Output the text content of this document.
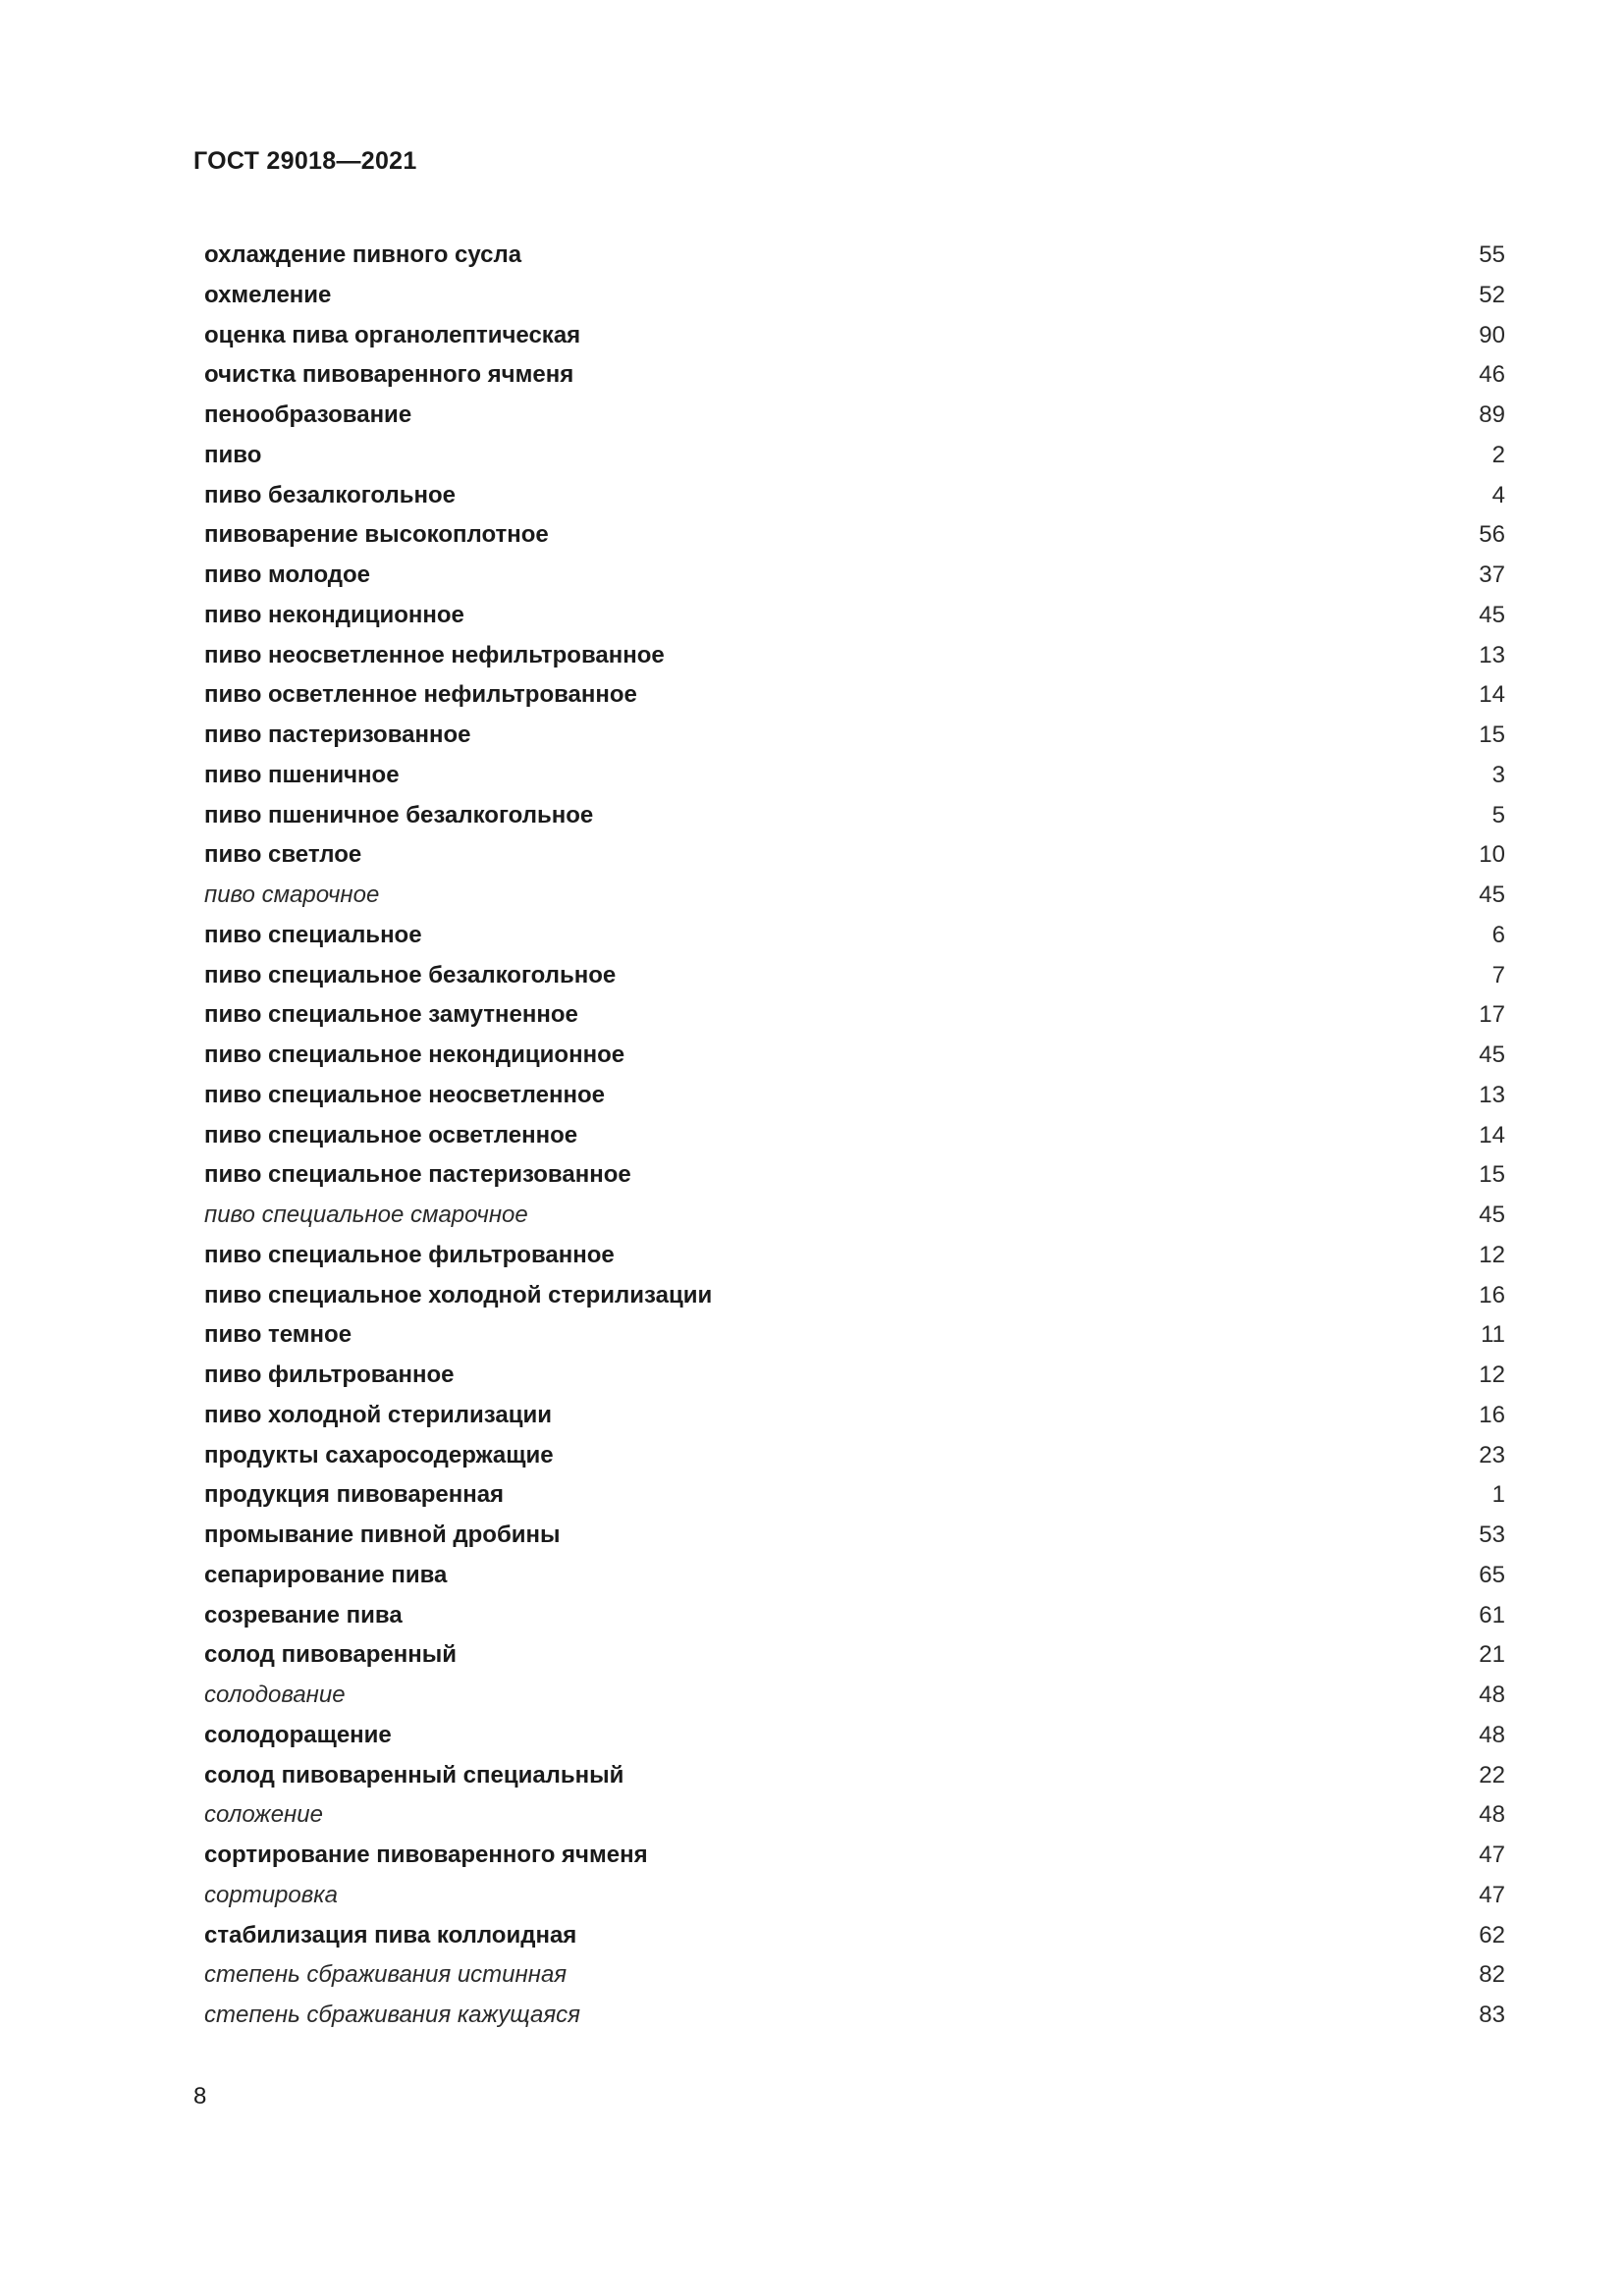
ГОСТ 29018—2021
охлаждение пивного сусла	55
охмеление	52
оценка пива органолептическая	90
очистка пивоваренного ячменя	46
пенообразование	89
пиво	2
пиво безалкогольное	4
пивоварение высокоплотное	56
пиво молодое	37
пиво некондиционное	45
пиво неосветленное нефильтрованное	13
пиво осветленное нефильтрованное	14
пиво пастеризованное	15
пиво пшеничное	3
пиво пшеничное безалкогольное	5
пиво светлое	10
пиво смарочное	45
пиво специальное	6
пиво специальное безалкогольное	7
пиво специальное замутненное	17
пиво специальное некондиционное	45
пиво специальное неосветленное	13
пиво специальное осветленное	14
пиво специальное пастеризованное	15
пиво специальное смарочное	45
пиво специальное фильтрованное	12
пиво специальное холодной стерилизации	16
пиво темное	11
пиво фильтрованное	12
пиво холодной стерилизации	16
продукты сахаросодержащие	23
продукция пивоваренная	1
промывание пивной дробины	53
сепарирование пива	65
созревание пива	61
солод пивоваренный	21
солодование	48
солодоращение	48
солод пивоваренный специальный	22
соложение	48
сортирование пивоваренного ячменя	47
сортировка	47
стабилизация пива коллоидная	62
степень сбраживания истинная	82
степень сбраживания кажущаяся	83
8
